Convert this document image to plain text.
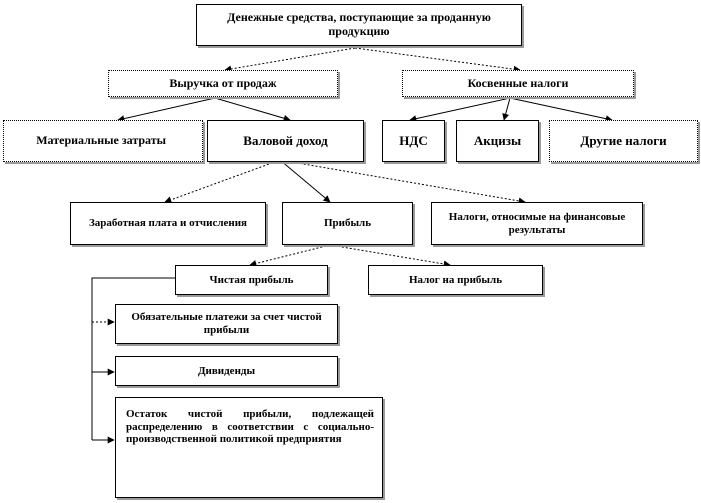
Денежные средства, поступающие за проданную продукцию
Выручка от продаж	Косвенные налоги
Материальные затраты	Валовой доход	НДС	Акцизы	Другие налоги
Заработная плата и отчисления	Прибыль
Налоги, относимые на финансовые результаты
Чистая прибыль	Налог на прибыль
Обязательные платежи за счет чистой прибыли
Дивиденды
Остаток чистой прибыли, подлежащей распределению в соответствии с социально-производственной политикой предприятия
